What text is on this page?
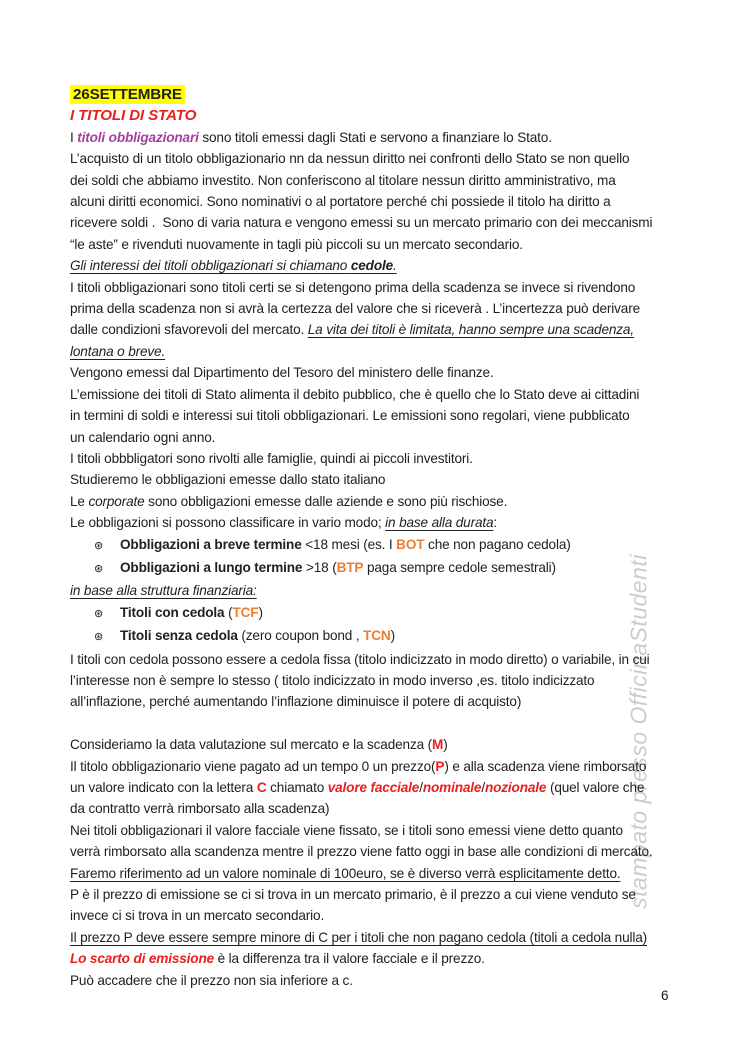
stampato presso OfficinaStudenti
26SETTEMBRE
I TITOLI DI STATO
I titoli obbligazionari sono titoli emessi dagli Stati e servono a finanziare lo Stato.
L’acquisto di un titolo obbligazionario nn da nessun diritto nei confronti dello Stato se non quello
dei soldi che abbiamo investito. Non conferiscono al titolare nessun diritto amministrativo, ma
alcuni diritti economici. Sono nominativi o al portatore perché chi possiede il titolo ha diritto a
ricevere soldi .  Sono di varia natura e vengono emessi su un mercato primario con dei meccanismi
“le aste” e rivenduti nuovamente in tagli più piccoli su un mercato secondario.
Gli interessi dei titoli obbligazionari si chiamano cedole.
I titoli obbligazionari sono titoli certi se si detengono prima della scadenza se invece si rivendono
prima della scadenza non si avrà la certezza del valore che si riceverà . L’incertezza può derivare
dalle condizioni sfavorevoli del mercato. La vita dei titoli è limitata, hanno sempre una scadenza,
lontana o breve.
Vengono emessi dal Dipartimento del Tesoro del ministero delle finanze.
L’emissione dei titoli di Stato alimenta il debito pubblico, che è quello che lo Stato deve ai cittadini
in termini di soldi e interessi sui titoli obbligazionari. Le emissioni sono regolari, viene pubblicato
un calendario ogni anno.
I titoli obbbligatori sono rivolti alle famiglie, quindi ai piccoli investitori.
Studieremo le obbligazioni emesse dallo stato italiano
Le corporate sono obbligazioni emesse dalle aziende e sono più rischiose.
Le obbligazioni si possono classificare in vario modo; in base alla durata:
⊛ Obbligazioni a breve termine <18 mesi (es. I BOT che non pagano cedola)
⊛ Obbligazioni a lungo termine >18 (BTP paga sempre cedole semestrali)
in base alla struttura finanziaria:
⊛ Titoli con cedola (TCF)
⊛ Titoli senza cedola (zero coupon bond , TCN)
I titoli con cedola possono essere a cedola fissa (titolo indicizzato in modo diretto) o variabile, in cui
l’interesse non è sempre lo stesso ( titolo indicizzato in modo inverso ,es. titolo indicizzato
all’inflazione, perché aumentando l’inflazione diminuisce il potere di acquisto)
Consideriamo la data valutazione sul mercato e la scadenza (M)
Il titolo obbligazionario viene pagato ad un tempo 0 un prezzo(P) e alla scadenza viene rimborsato
un valore indicato con la lettera C chiamato valore facciale/nominale/nozionale (quel valore che
da contratto verrà rimborsato alla scadenza)
Nei titoli obbligazionari il valore facciale viene fissato, se i titoli sono emessi viene detto quanto
verrà rimborsato alla scandenza mentre il prezzo viene fatto oggi in base alle condizioni di mercato.
Faremo riferimento ad un valore nominale di 100euro, se è diverso verrà esplicitamente detto.
P è il prezzo di emissione se ci si trova in un mercato primario, è il prezzo a cui viene venduto se
invece ci si trova in un mercato secondario.
Il prezzo P deve essere sempre minore di C per i titoli che non pagano cedola (titoli a cedola nulla)
Lo scarto di emissione è la differenza tra il valore facciale e il prezzo.
Può accadere che il prezzo non sia inferiore a c.
6
